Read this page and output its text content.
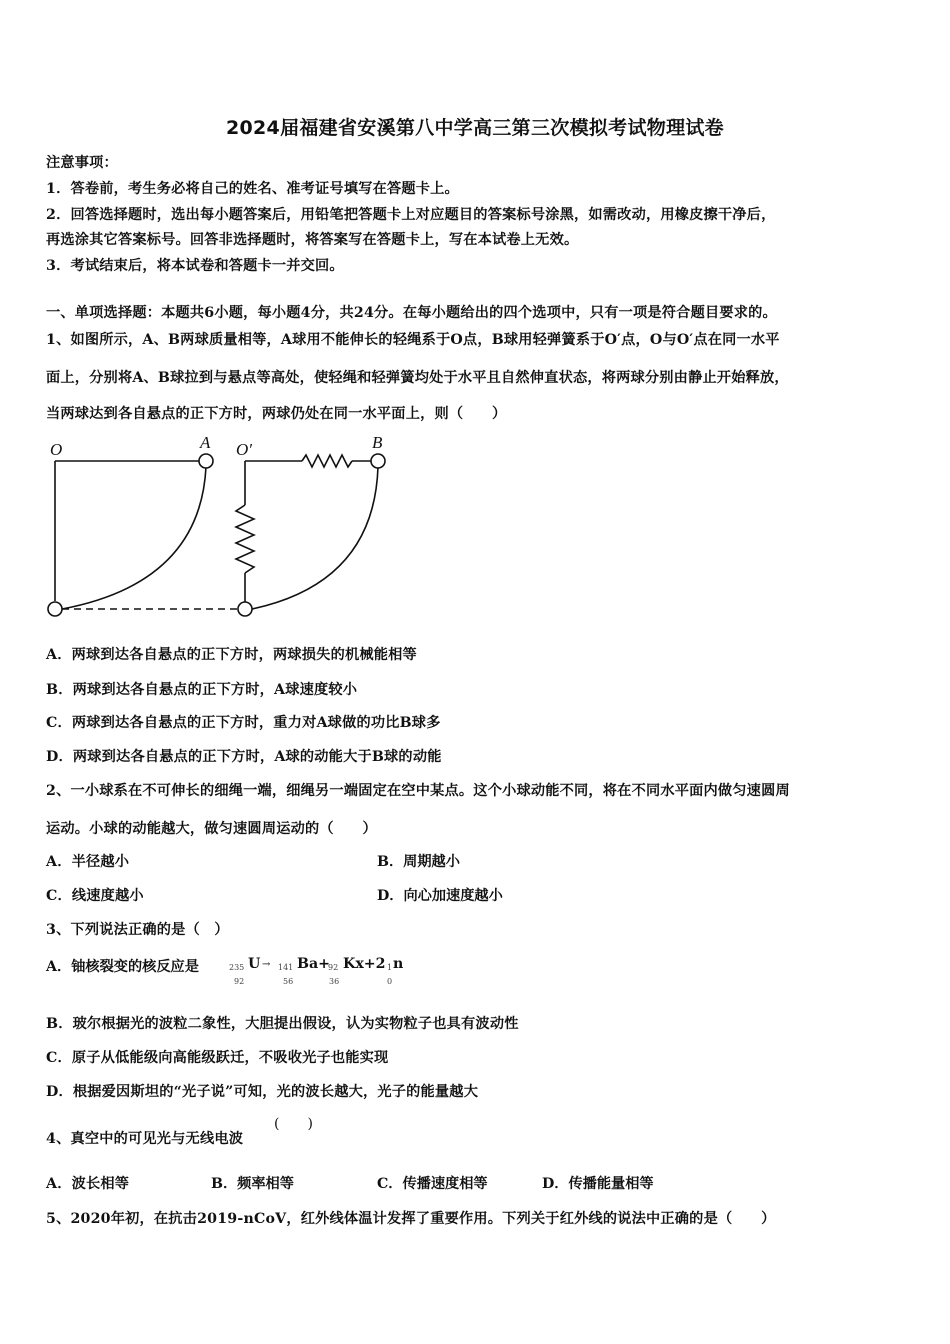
2024届福建省安溪第八中学高三第三次模拟考试物理试卷
注意事项：
1．答卷前，考生务必将自己的姓名、准考证号填写在答题卡上。
2．回答选择题时，选出每小题答案后，用铅笔把答题卡上对应题目的答案标号涂黑，如需改动，用橡皮擦干净后，
再选涂其它答案标号。回答非选择题时，将答案写在答题卡上，写在本试卷上无效。
3．考试结束后，将本试卷和答题卡一并交回。
一、单项选择题：本题共6小题，每小题4分，共24分。在每小题给出的四个选项中，只有一项是符合题目要求的。
1、如图所示，A、B两球质量相等，A球用不能伸长的轻绳系于O点，B球用轻弹簧系于O′点，O与O′点在同一水平
面上，分别将A、B球拉到与悬点等高处，使轻绳和轻弹簧均处于水平且自然伸直状态，将两球分别由静止开始释放，
当两球达到各自悬点的正下方时，两球仍处在同一水平面上，则（　　）
O	A O′	B
A．两球到达各自悬点的正下方时，两球损失的机械能相等
B．两球到达各自悬点的正下方时，A球速度较小
C．两球到达各自悬点的正下方时，重力对A球做的功比B球多
D．两球到达各自悬点的正下方时，A球的动能大于B球的动能
2、一小球系在不可伸长的细绳一端，细绳另一端固定在空中某点。这个小球动能不同，将在不同水平面内做匀速圆周
运动。小球的动能越大，做匀速圆周运动的（　　）
A．半径越小	B．周期越小
C．线速度越小	D．向心加速度越小
3、下列说法正确的是（　）
A．铀核裂变的核反应是	235
92
U → 141
56
Ba+
92
36
Kx+2 1
0
n
B．玻尔根据光的波粒二象性，大胆提出假设，认为实物粒子也具有波动性
C．原子从低能级向高能级跃迁，不吸收光子也能实现
D．根据爱因斯坦的“光子说”可知，光的波长越大，光子的能量越大
4、真空中的可见光与无线电波
(　　)
A．波长相等	B．频率相等	C．传播速度相等	D．传播能量相等
5、2020年初，在抗击2019-nCoV，红外线体温计发挥了重要作用。下列关于红外线的说法中正确的是（　　）
